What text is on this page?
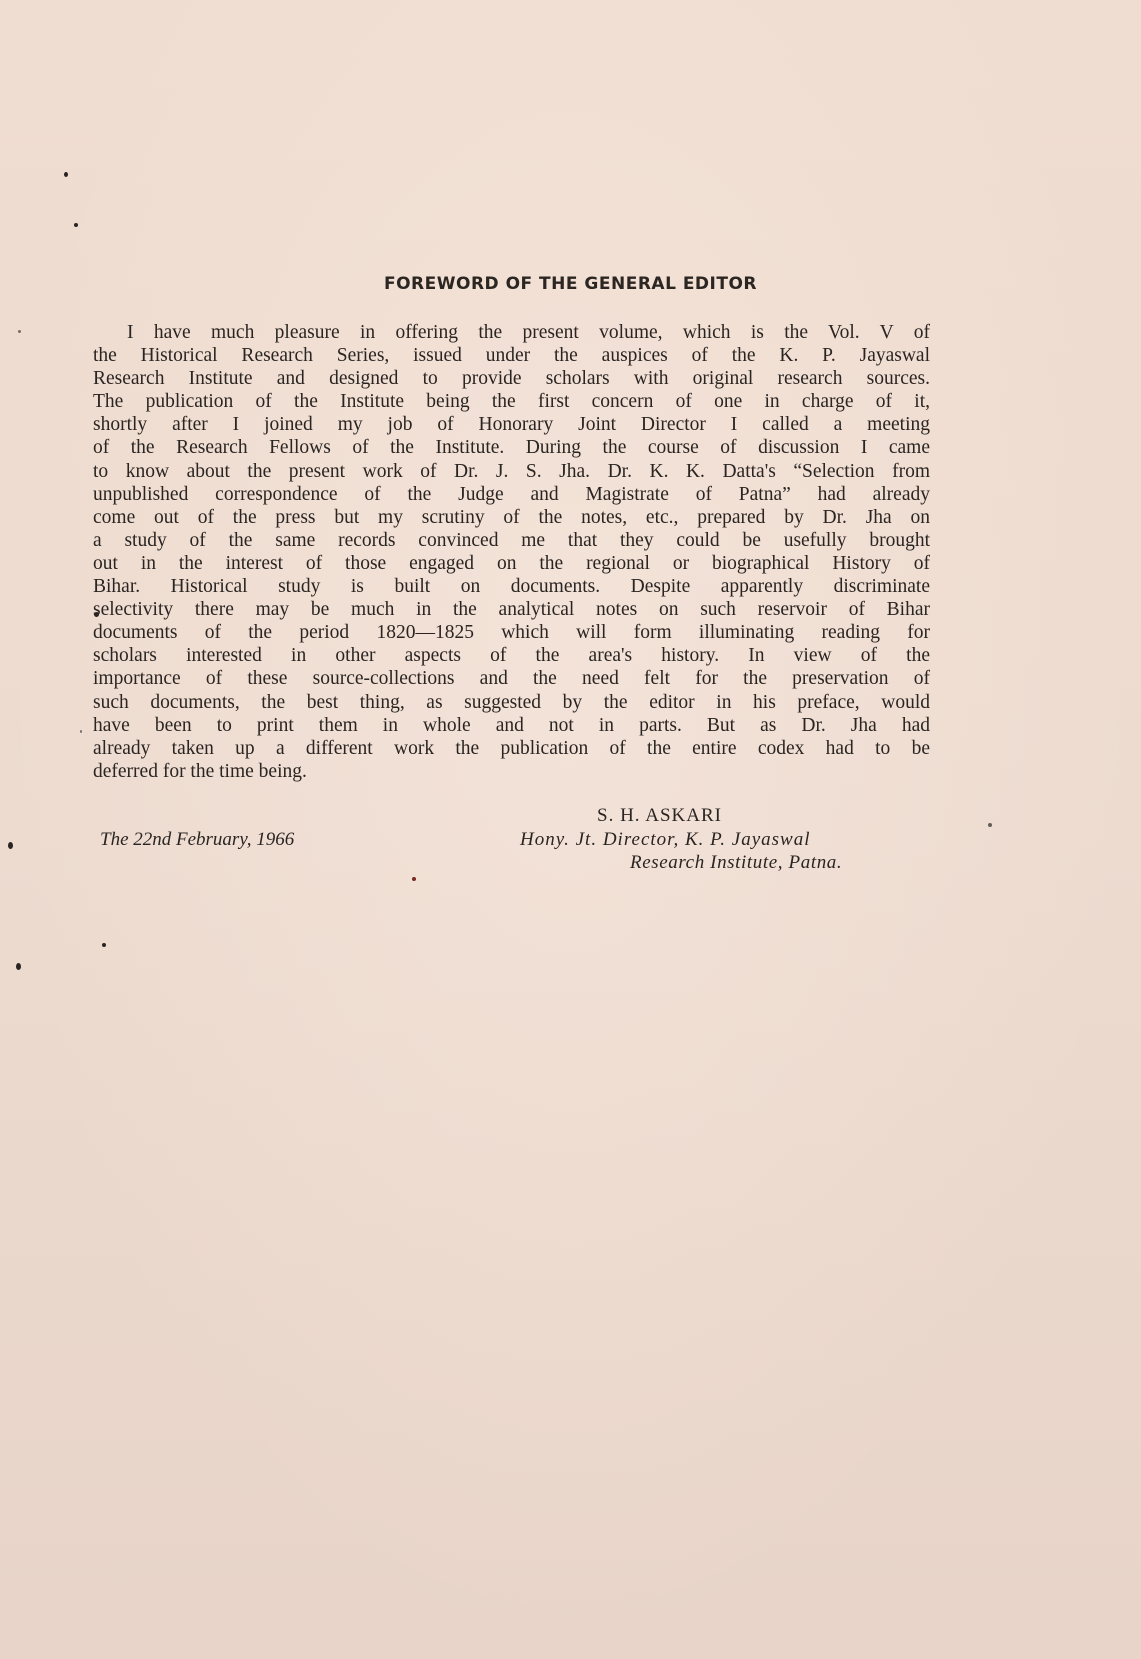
FOREWORD OF THE GENERAL EDITOR
I have much pleasure in offering the present volume, which is the Vol. V of
the Historical Research Series, issued under the auspices of the K. P. Jayaswal
Research Institute and designed to provide scholars with original research sources.
The publication of the Institute being the first concern of one in charge of it,
shortly after I joined my job of Honorary Joint Director I called a meeting
of the Research Fellows of the Institute. During the course of discussion I came
to know about the present work of Dr. J. S. Jha. Dr. K. K. Datta's “Selection from
unpublished correspondence of the Judge and Magistrate of Patna” had already
come out of the press but my scrutiny of the notes, etc., prepared by Dr. Jha on
a study of the same records convinced me that they could be usefully brought
out in the interest of those engaged on the regional or biographical History of
Bihar. Historical study is built on documents. Despite apparently discriminate
selectivity there may be much in the analytical notes on such reservoir of Bihar
documents of the period 1820—1825 which will form illuminating reading for
scholars interested in other aspects of the area's history. In view of the
importance of these source-collections and the need felt for the preservation of
such documents, the best thing, as suggested by the editor in his preface, would
have been to print them in whole and not in parts. But as Dr. Jha had
already taken up a different work the publication of the entire codex had to be
deferred for the time being.
The 22nd February, 1966
S. H. ASKARI
Hony. Jt. Director, K. P. Jayaswal
Research Institute, Patna.
